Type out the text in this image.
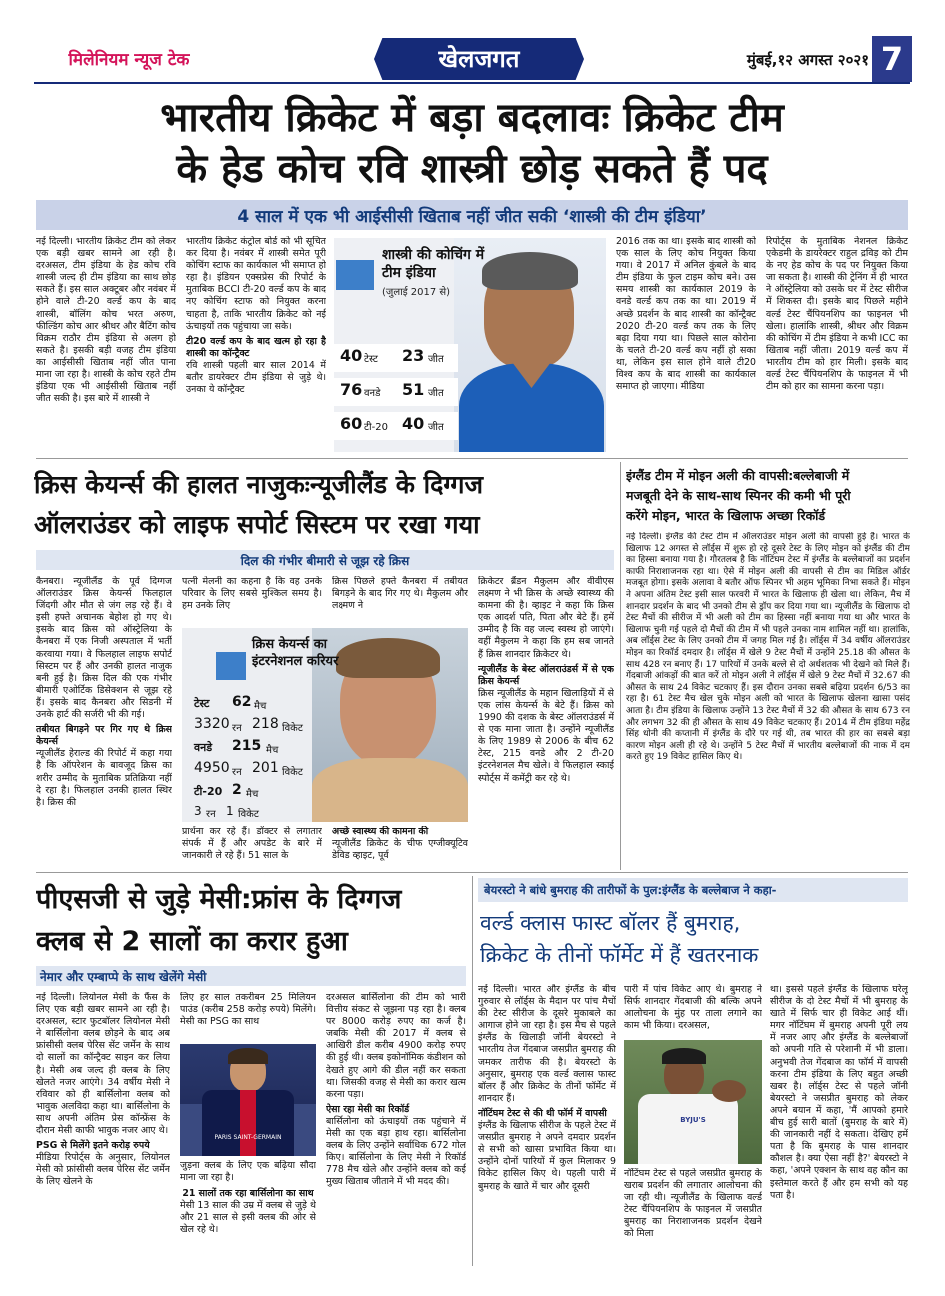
मिलेनियम न्यूज टेक	खेलजगत	मुंबई,१२ अगस्त २०२१ 7
भारतीय क्रिकेट में बड़ा बदलावः क्रिकेट टीम
के हेड कोच रवि शास्त्री छोड़ सकते हैं पद
4 साल में एक भी आईसीसी खिताब नहीं जीत सकी ‘शास्त्री की टीम इंडिया’
नई दिल्ली। भारतीय क्रिकेट टीम को लेकर एक बड़ी खबर सामने आ रही है। दरअसल, टीम इंडिया के हेड कोच रवि शास्त्री जल्द ही टीम इंडिया का साथ छोड़ सकते हैं। इस साल अक्टूबर और नवंबर में होने वाले टी-20 वर्ल्ड कप के बाद शास्त्री, बॉलिंग कोच भरत अरुण, फील्डिंग कोच आर श्रीधर और बैटिंग कोच विक्रम राठौर टीम इंडिया से अलग हो सकते है। इसकी बड़ी वजह टीम इंडिया का आईसीसी खिताब नहीं जीत पाना माना जा रहा है। शास्त्री के कोच रहते टीम इंडिया एक भी आईसीसी खिताब नहीं जीत सकी है। इस बारे में शास्त्री ने
भारतीय क्रिकेट कंट्रोल बोर्ड को भी सूचित कर दिया है। नवंबर में शास्त्री समेत पूरी कोचिंग स्टाफ का कार्यकाल भी समाप्त हो रहा है। इंडियन एक्सप्रेस की रिपोर्ट के मुताबिक BCCI टी-20 वर्ल्ड कप के बाद नए कोचिंग स्टाफ को नियुक्त करना चाहता है, ताकि भारतीय क्रिकेट को नई ऊंचाइयों तक पहुंचाया जा सके।
टी20 वर्ल्ड कप के बाद खत्म हो रहा है शास्त्री का कॉन्ट्रैक्ट
रवि शास्त्री पहली बार साल 2014 में बतौर डायरेक्टर टीम इंडिया से जुड़े थे। उनका ये कॉन्ट्रैक्ट
शास्त्री की कोचिंग में टीम इंडिया
(जुलाई 2017 से)
40 टेस्ट 23 जीत
76 वनडे 51 जीत
60 टी-20 40 जीत
2016 तक का था। इसके बाद शास्त्री को एक साल के लिए कोच नियुक्त किया गया। वे 2017 में अनिल कुंबले के बाद टीम इंडिया के फुल टाइम कोच बने। उस समय शास्त्री का कार्यकाल 2019 के वनडे वर्ल्ड कप तक का था। 2019 में अच्छे प्रदर्शन के बाद शास्त्री का कॉन्ट्रैक्ट 2020 टी-20 वर्ल्ड कप तक के लिए बढ़ा दिया गया था। पिछले साल कोरोना के चलते टी-20 वर्ल्ड कप नहीं हो सका था, लेकिन इस साल होने वाले टी20 विश्व कप के बाद शास्त्री का कार्यकाल समाप्त हो जाएगा। मीडिया
रिपोर्ट्स के मुताबिक नेशनल क्रिकेट एकेडमी के डायरेक्टर राहुल द्रविड़ को टीम के नए हेड कोच के पद पर नियुक्त किया जा सकता है। शास्त्री की ट्रेनिंग में ही भारत ने ऑस्ट्रेलिया को उसके घर में टेस्ट सीरीज में शिकस्त दी। इसके बाद पिछले महीने वर्ल्ड टेस्ट चैंपियनशिप का फाइनल भी खेला। हालांकि शास्त्री, श्रीधर और विक्रम की कोचिंग में टीम इंडिया ने कभी ICC का खिताब नहीं जीता। 2019 वर्ल्ड कप में भारतीय टीम को हार मिली। इसके बाद वर्ल्ड टेस्ट चैंपियनशिप के फाइनल में भी टीम को हार का सामना करना पड़ा।
क्रिस केयर्न्स की हालत नाजुकःन्यूजीलैंड के दिग्गज
ऑलराउंडर को लाइफ सपोर्ट सिस्टम पर रखा गया
दिल की गंभीर बीमारी से जूझ रहे क्रिस
कैनबरा। न्यूजीलैंड के पूर्व दिग्गज ऑलराउंडर क्रिस केयर्न्स फिलहाल जिंदगी और मौत से जंग लड़ रहे हैं। वे इसी हफ्ते अचानक बेहोश हो गए थे। इसके बाद क्रिस को ऑस्ट्रेलिया के कैनबरा में एक निजी अस्पताल में भर्ती करवाया गया। वे फिलहाल लाइफ सपोर्ट सिस्टम पर हैं और उनकी हालत नाजुक बनी हुई है। क्रिस दिल की एक गंभीर बीमारी एओर्टिक डिसेक्शन से जूझ रहे हैं। इसके बाद कैनबरा और सिडनी में उनके हार्ट की सर्जरी भी की गई।
तबीयत बिगड़ने पर गिर गए थे क्रिस केयर्न्स
न्यूजीलैंड हेराल्ड की रिपोर्ट में कहा गया है कि ऑपरेशन के बावजूद क्रिस का शरीर उम्मीद के मुताबिक प्रतिक्रिया नहीं दे रहा है। फिलहाल उनकी हालत स्थिर है। क्रिस की
पत्नी मेलनी का कहना है कि वह उनके परिवार के लिए सबसे मुश्किल समय है। हम उनके लिए
क्रिस पिछले हफ्ते कैनबरा में तबीयत बिगड़ने के बाद गिर गए थे। मैकुलम और लक्ष्मण ने
क्रिस केयर्न्स का इंटरनेशनल करियर
टेस्ट 62 मैच
3320 रन 218 विकेट
वनडे 215 मैच
4950 रन 201 विकेट
टी-20 2 मैच
3 रन 1 विकेट
प्रार्थना कर रहे हैं। डॉक्टर से लगातार संपर्क में हैं और अपडेट के बारे में जानकारी ले रहे हैं। 51 साल के
अच्छे स्वास्थ्य की कामना की
न्यूजीलैंड क्रिकेट के चीफ एग्जीक्यूटिव डेविड व्हाइट, पूर्व
क्रिकेटर ब्रैंडन मैकुलम और वीवीएस लक्ष्मण ने भी क्रिस के अच्छे स्वास्थ्य की कामना की है। व्हाइट ने कहा कि क्रिस एक आदर्श पति, पिता और बेटे हैं। हमें उम्मीद है कि वह जल्द स्वस्थ हो जाएंगे। वहीं मैकुलम ने कहा कि हम सब जानते हैं क्रिस शानदार क्रिकेटर थे।
न्यूजीलैंड के बेस्ट ऑलराउंडर्स में से एक क्रिस केयर्न्स
क्रिस न्यूजीलैंड के महान खिलाड़ियों में से एक लांस केयर्न्स के बेटे हैं। क्रिस को 1990 की दशक के बेस्ट ऑलराउंडर्स में से एक माना जाता है। उन्होंने न्यूजीलैंड के लिए 1989 से 2006 के बीच 62 टेस्ट, 215 वनडे और 2 टी-20 इंटरनेशनल मैच खेले। वे फिलहाल स्काई स्पोर्ट्स में कमेंट्री कर रहे थे।
इंग्लैंड टीम में मोइन अली की वापसी:बल्लेबाजी में
मजबूती देने के साथ-साथ स्पिनर की कमी भी पूरी
करेंगे मोइन, भारत के खिलाफ अच्छा रिकॉर्ड
नई दिल्ली। इंग्लैंड की टेस्ट टीम में ऑलराउंडर मोइन अली की वापसी हुई है। भारत के खिलाफ 12 अगस्त से लॉर्ड्स में शुरू हो रहे दूसरे टेस्ट के लिए मोइन को इंग्लैंड की टीम का हिस्सा बनाया गया है। गौरतलब है कि नॉटिंघम टेस्ट में इंग्लैंड के बल्लेबाजों का प्रदर्शन काफी निराशाजनक रहा था। ऐसे में मोइन अली की वापसी से टीम का मिडिल ऑर्डर मजबूत होगा। इसके अलावा वे बतौर ऑफ स्पिनर भी अहम भूमिका निभा सकते हैं। मोइन ने अपना अंतिम टेस्ट इसी साल फरवरी में भारत के खिलाफ ही खेला था। लेकिन, मैच में शानदार प्रदर्शन के बाद भी उनको टीम से ड्रॉप कर दिया गया था। न्यूजीलैंड के खिलाफ दो टेस्ट मैचों की सीरीज में भी अली को टीम का हिस्सा नहीं बनाया गया था और भारत के खिलाफ चुनी गई पहले दो मैचों की टीम में भी पहले उनका नाम शामिल नहीं था। हालांकि, अब लॉर्ड्स टेस्ट के लिए उनको टीम में जगह मिल गई है। लॉर्ड्स में 34 वर्षीय ऑलराउंडर मोइन का रिकॉर्ड दमदार है। लॉर्ड्स में खेले 9 टेस्ट मैचों में उन्होंने 25.18 की औसत के साथ 428 रन बनाए हैं। 17 पारियों में उनके बल्ले से दो अर्धशतक भी देखने को मिले हैं। गेंदबाजी आंकड़ों की बात करें तो मोइन अली ने लॉर्ड्स में खेले 9 टेस्ट मैचों में 32.67 की औसत के साथ 24 विकेट चटकाए हैं। इस दौरान उनका सबसे बढ़िया प्रदर्शन 6/53 का रहा है। 61 टेस्ट मैच खेल चुके मोइन अली को भारत के खिलाफ खेलना खासा पसंद आता है। टीम इंडिया के खिलाफ उन्होंने 13 टेस्ट मैचों में 32 की औसत के साथ 673 रन और लगभग 32 की ही औसत के साथ 49 विकेट चटकाए हैं। 2014 में टीम इंडिया महेंद्र सिंह धोनी की कप्तानी में इंग्लैंड के दौरे पर गई थी, तब भारत की हार का सबसे बड़ा कारण मोइन अली ही रहे थे। उन्होंने 5 टेस्ट मैचों में भारतीय बल्लेबाजों की नाक में दम करते हुए 19 विकेट हासिल किए थे।
पीएसजी से जुड़े मेसी:फ्रांस के दिग्गज
क्लब से 2 सालों का करार हुआ
नेमार और एम्बाप्पे के साथ खेलेंगे मेसी
नई दिल्ली। लियोनल मेसी के फैंस के लिए एक बड़ी खबर सामने आ रही है। दरअसल, स्टार फुटबॉलर लियोनल मेसी ने बार्सिलोना क्लब छोड़ने के बाद अब फ्रांसीसी क्लब पेरिस सेंट जर्मेन के साथ दो सालों का कॉन्ट्रैक्ट साइन कर लिया है। मेसी अब जल्द ही क्लब के लिए खेलते नजर आएंगे। 34 वर्षीय मेसी ने रविवार को ही बार्सिलोना क्लब को भावुक अलविदा कहा था। बार्सिलोना के साथ अपनी अंतिम प्रेस कॉन्फ्रेंस के दौरान मेसी काफी भावुक नजर आए थे।
PSG से मिलेंगे इतने करोड़ रुपये
मीडिया रिपोर्ट्स के अनुसार, लियोनल मेसी को फ्रांसीसी क्लब पेरिस सेंट जर्मेन के लिए खेलने के
लिए हर साल तकरीबन 25 मिलियन पाउंड (करीब 258 करोड़ रुपये) मिलेंगे। मेसी का PSG का साथ
PARIS SAINT-GERMAIN
जुड़ना क्लब के लिए एक बढ़िया सौदा माना जा रहा है।
21 सालों तक रहा बार्सिलोना का साथ
मेसी 13 साल की उम्र में क्लब से जुड़े थे और 21 साल से इसी क्लब की ओर से खेल रहे थे।
दरअसल बार्सिलोना की टीम को भारी वित्तीय संकट से जूझना पड़ रहा है। क्लब पर 8000 करोड़ रुपए का कर्ज है। जबकि मेसी की 2017 में क्लब से आखिरी डील करीब 4900 करोड़ रुपए की हुई थी। क्लब इकोनॉमिक कंडीशन को देखते हुए आगे की डील नहीं कर सकता था। जिसकी वजह से मेसी का करार खत्म करना पड़ा।
ऐसा रहा मेसी का रिकॉर्ड
बार्सिलोना को ऊंचाइयों तक पहुंचाने में मेसी का एक बड़ा हाथ रहा। बार्सिलोना क्लब के लिए उन्होंने सर्वाधिक 672 गोल किए। बार्सिलोना के लिए मेसी ने रिकॉर्ड 778 मैच खेले और उन्होंने क्लब को कई मुख्य खिताब जीताने में भी मदद की।
बेयरस्टो ने बांधे बुमराह की तारीफों के पुल:इंग्लैंड के बल्लेबाज ने कहा-
वर्ल्ड क्लास फास्ट बॉलर हैं बुमराह,
क्रिकेट के तीनों फॉर्मेट में हैं खतरनाक
नई दिल्ली। भारत और इंग्लैंड के बीच गुरुवार से लॉर्ड्स के मैदान पर पांच मैचों की टेस्ट सीरीज के दूसरे मुकाबले का आगाज होने जा रहा है। इस मैच से पहले इंग्लैंड के खिलाड़ी जॉनी बेयरस्टो ने भारतीय तेज गेंदबाज जसप्रीत बुमराह की जमकर तारीफ की है। बेयरस्टो के अनुसार, बुमराह एक वर्ल्ड क्लास फास्ट बॉलर हैं और क्रिकेट के तीनों फॉर्मेट में शानदार हैं।
नॉटिंघम टेस्ट से की थी फॉर्म में वापसी
इंग्लैंड के खिलाफ सीरीज के पहले टेस्ट में जसप्रीत बुमराह ने अपने दमदार प्रदर्शन से सभी को खासा प्रभावित किया था। उन्होंने दोनों पारियों में कुल मिलाकर 9 विकेट हासिल किए थे। पहली पारी में बुमराह के खाते में चार और दूसरी
पारी में पांच विकेट आए थे। बुमराह ने सिर्फ शानदार गेंदबाजी की बल्कि अपने आलोचना के मुंह पर ताला लगाने का काम भी किया। दरअसल,
BYJU'S
नॉटिंघम टेस्ट से पहले जसप्रीत बुमराह के खराब प्रदर्शन की लगातार आलोचना की जा रही थी। न्यूजीलैंड के खिलाफ वर्ल्ड टेस्ट चैंपियनशिप के फाइनल में जसप्रीत बुमराह का निराशाजनक प्रदर्शन देखने को मिला
था। इससे पहले इंग्लैंड के खिलाफ घरेलू सीरीज के दो टेस्ट मैचों में भी बुमराह के खाते में सिर्फ चार ही विकेट आई थीं। मगर नॉटिंघम में बुमराह अपनी पूरी लय में नजर आए और इंग्लैंड के बल्लेबाजों को अपनी गति से परेशानी में भी डाला। अनुभवी तेज गेंदबाज का फॉर्म में वापसी करना टीम इंडिया के लिए बहुत अच्छी खबर है। लॉर्ड्स टेस्ट से पहले जॉनी बेयरस्टो ने जसप्रीत बुमराह को लेकर अपने बयान में कहा, 'मैं आपको हमारे बीच हुई सारी बातों (बुमराह के बारे में) की जानकारी नहीं दे सकता। देखिए हमें पता है कि बुमराह के पास शानदार कौशल है। क्या ऐसा नहीं है?' बेयरस्टो ने कहा, 'अपने एक्शन के साथ वह कौन का इस्तेमाल करते हैं और हम सभी को यह पता है।
